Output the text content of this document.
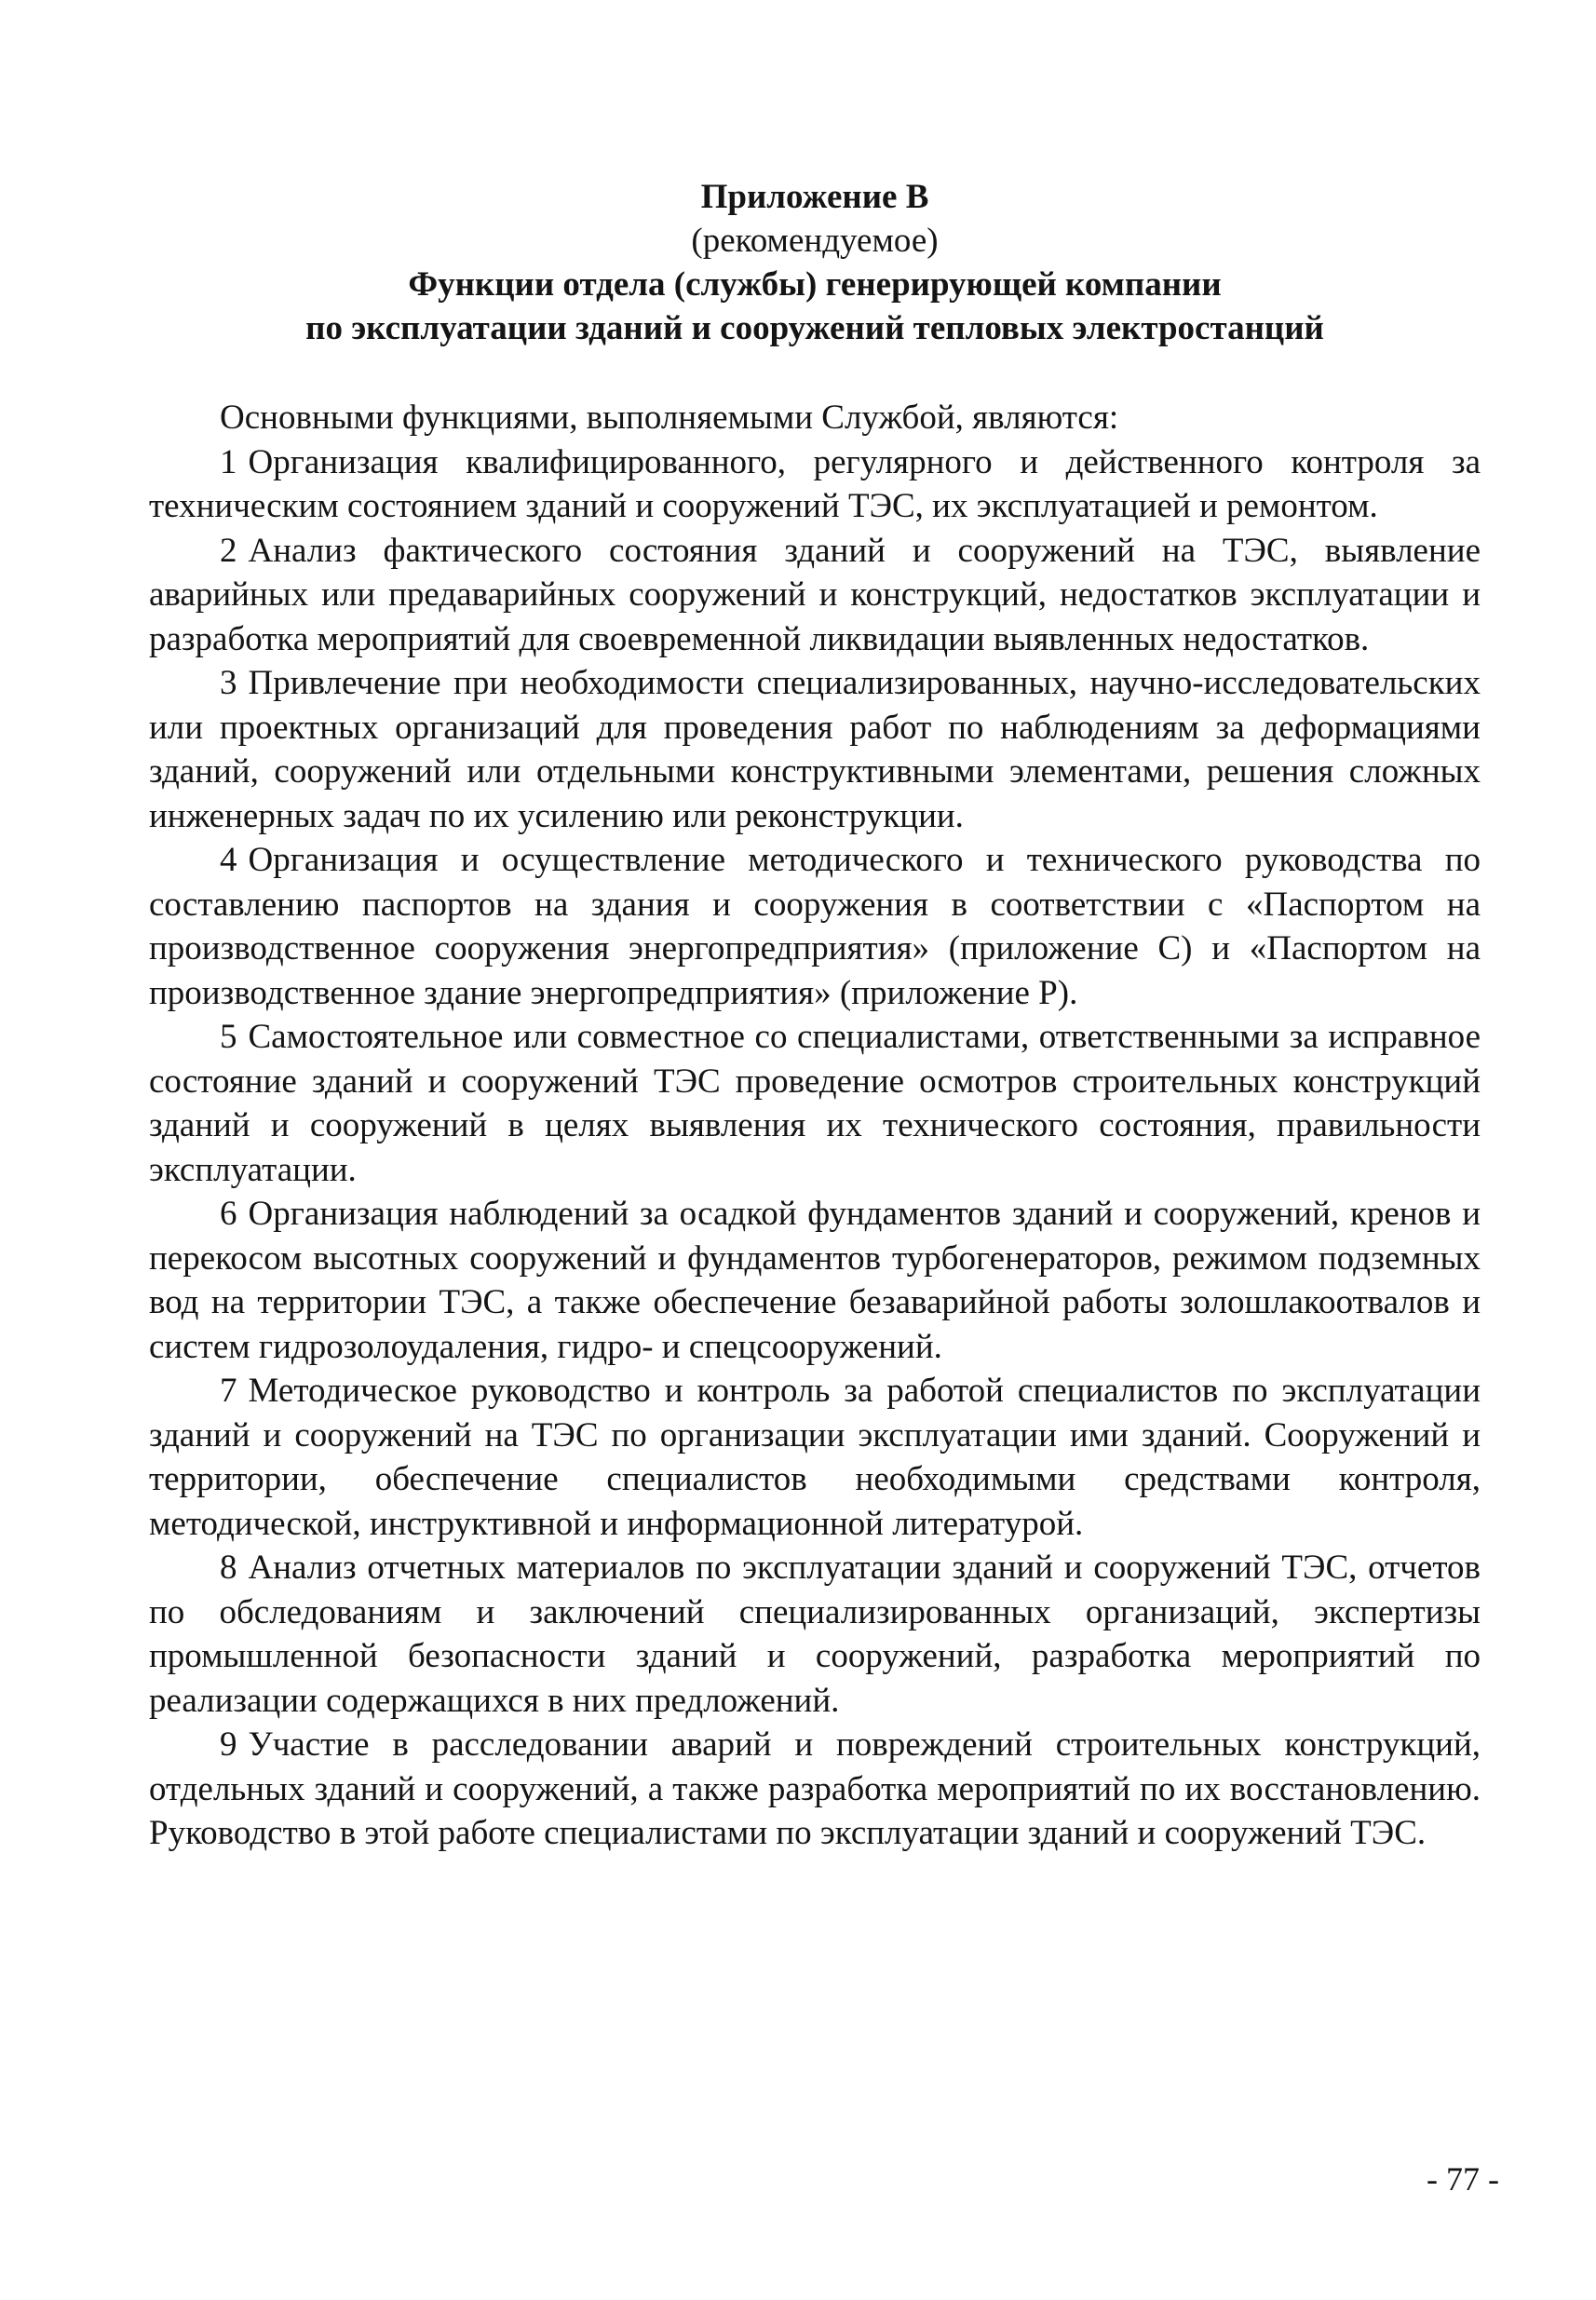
Приложение В
(рекомендуемое)
Функции отдела (службы) генерирующей компании
по эксплуатации зданий и сооружений тепловых электростанций

Основными функциями, выполняемыми Службой, являются:

1 Организация квалифицированного, регулярного и действенного контроля за техническим состоянием зданий и сооружений ТЭС, их эксплуатацией и ремонтом.

2 Анализ фактического состояния зданий и сооружений на ТЭС, выявление аварийных или предаварийных сооружений и конструкций, недостатков эксплуатации и разработка мероприятий для своевременной ликвидации выявленных недостатков.

3 Привлечение при необходимости специализированных, научно-исследовательских или проектных организаций для проведения работ по наблюдениям за деформациями зданий, сооружений или отдельными конструктивными элементами, решения сложных инженерных задач по их усилению или реконструкции.

4 Организация и осуществление методического и технического руководства по составлению паспортов на здания и сооружения в соответствии с «Паспортом на производственное сооружения энергопредприятия» (приложение С) и «Паспортом на производственное здание энергопредприятия» (приложение Р).

5 Самостоятельное или совместное со специалистами, ответственными за исправное состояние зданий и сооружений ТЭС проведение осмотров строительных конструкций зданий и сооружений в целях выявления их технического состояния, правильности эксплуатации.

6 Организация наблюдений за осадкой фундаментов зданий и сооружений, кренов и перекосом высотных сооружений и фундаментов турбогенераторов, режимом подземных вод на территории ТЭС, а также обеспечение безаварийной работы золошлакоотвалов и систем гидрозолоудаления, гидро- и спецсооружений.

7 Методическое руководство и контроль за работой специалистов по эксплуатации зданий и сооружений на ТЭС по организации эксплуатации ими зданий. Сооружений и территории, обеспечение специалистов необходимыми средствами контроля, методической, инструктивной и информационной литературой.

8 Анализ отчетных материалов по эксплуатации зданий и сооружений ТЭС, отчетов по обследованиям и заключений специализированных организаций, экспертизы промышленной безопасности зданий и сооружений, разработка мероприятий по реализации содержащихся в них предложений.

9 Участие в расследовании аварий и повреждений строительных конструкций, отдельных зданий и сооружений, а также разработка мероприятий по их восстановлению. Руководство в этой работе специалистами по эксплуатации зданий и сооружений ТЭС.

- 77 -
